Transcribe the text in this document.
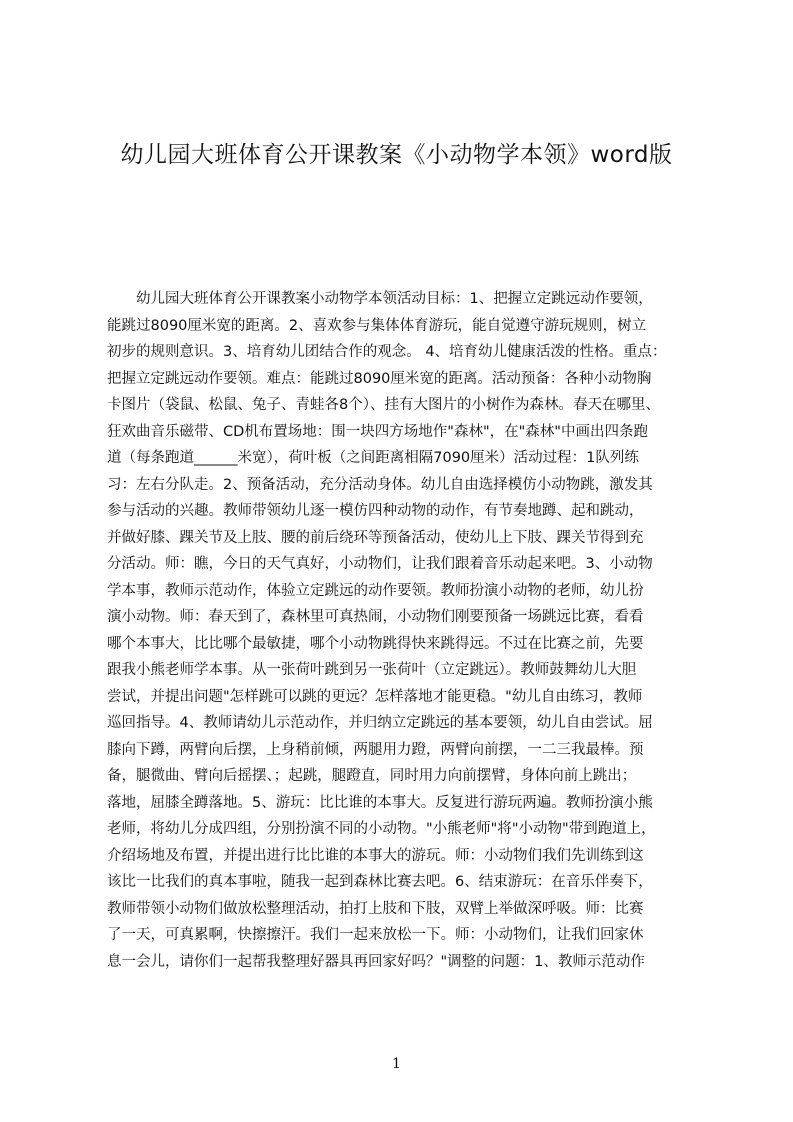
幼儿园大班体育公开课教案《小动物学本领》word版
　　幼儿园大班体育公开课教案小动物学本领活动目标：1、把握立定跳远动作要领，
能跳过8090厘米宽的距离。2、喜欢参与集体体育游玩，能自觉遵守游玩规则，树立
初步的规则意识。3、培育幼儿团结合作的观念。 4、培育幼儿健康活泼的性格。重点：
把握立定跳远动作要领。难点：能跳过8090厘米宽的距离。活动预备：各种小动物胸
卡图片（袋鼠、松鼠、兔子、青蛙各8个）、挂有大图片的小树作为森林。春天在哪里、
狂欢曲音乐磁带、CD机布置场地：围一块四方场地作"森林"，在"森林"中画出四条跑
道（每条跑道______米宽），荷叶板（之间距离相隔7090厘米）活动过程：1队列练
习：左右分队走。2、预备活动，充分活动身体。幼儿自由选择模仿小动物跳，激发其
参与活动的兴趣。教师带领幼儿逐一模仿四种动物的动作，有节奏地蹲、起和跳动，
并做好膝、踝关节及上肢、腰的前后绕环等预备活动，使幼儿上下肢、踝关节得到充
分活动。师：瞧，今日的天气真好，小动物们，让我们跟着音乐动起来吧。3、小动物
学本事，教师示范动作，体验立定跳远的动作要领。教师扮演小动物的老师，幼儿扮
演小动物。师：春天到了，森林里可真热闹，小动物们刚要预备一场跳远比赛，看看
哪个本事大，比比哪个最敏捷，哪个小动物跳得快来跳得远。不过在比赛之前，先要
跟我小熊老师学本事。从一张荷叶跳到另一张荷叶（立定跳远）。教师鼓舞幼儿大胆
尝试，并提出问题"怎样跳可以跳的更远？怎样落地才能更稳。"幼儿自由练习，教师
巡回指导。4、教师请幼儿示范动作，并归纳立定跳远的基本要领，幼儿自由尝试。屈
膝向下蹲，两臂向后摆，上身稍前倾，两腿用力蹬，两臂向前摆，一二三我最棒。预
备，腿微曲、臂向后摇摆、；起跳，腿蹬直，同时用力向前摆臂，身体向前上跳出；
落地，屈膝全蹲落地。5、游玩：比比谁的本事大。反复进行游玩两遍。教师扮演小熊
老师，将幼儿分成四组，分别扮演不同的小动物。"小熊老师"将"小动物"带到跑道上，
介绍场地及布置，并提出进行比比谁的本事大的游玩。师：小动物们我们先训练到这
该比一比我们的真本事啦，随我一起到森林比赛去吧。6、结束游玩：在音乐伴奏下，
教师带领小动物们做放松整理活动，拍打上肢和下肢，双臂上举做深呼吸。师：比赛
了一天，可真累啊，快擦擦汗。我们一起来放松一下。师：小动物们，让我们回家休
息一会儿，请你们一起帮我整理好器具再回家好吗？"调整的问题：1、教师示范动作
1
